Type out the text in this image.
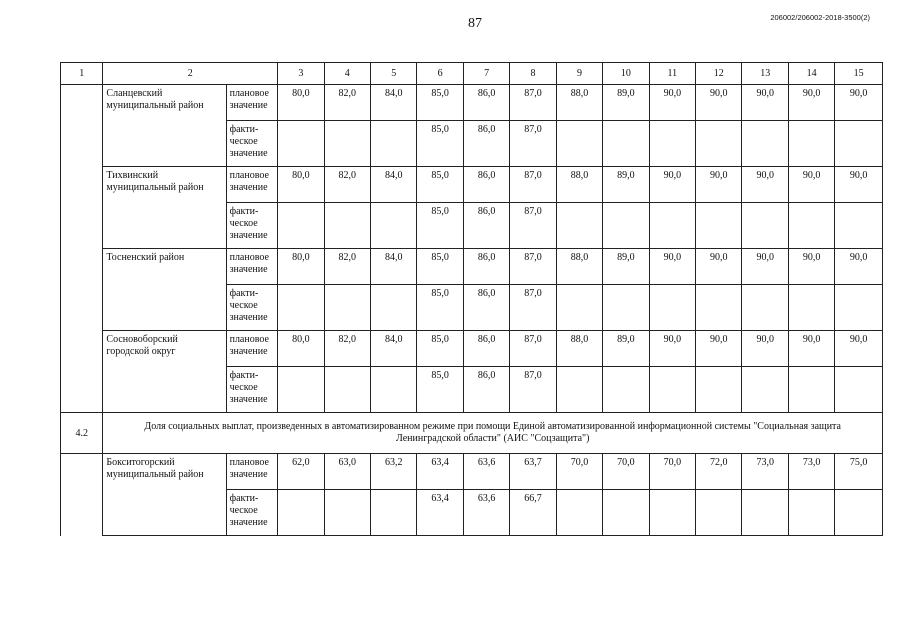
87	206002/206002-2018-3500(2)
1	2		3	4	5	6	7	8	9	10	11	12	13	14	15
	Сланцевский муниципальный район	плановое значение	80,0	82,0	84,0	85,0	86,0	87,0	88,0	89,0	90,0	90,0	90,0	90,0	90,0
		факти-ческое значение				85,0	86,0	87,0							
	Тихвинский муниципальный район	плановое значение	80,0	82,0	84,0	85,0	86,0	87,0	88,0	89,0	90,0	90,0	90,0	90,0	90,0
		факти-ческое значение				85,0	86,0	87,0							
	Тосненский район	плановое значение	80,0	82,0	84,0	85,0	86,0	87,0	88,0	89,0	90,0	90,0	90,0	90,0	90,0
		факти-ческое значение				85,0	86,0	87,0							
	Сосновоборский городской округ	плановое значение	80,0	82,0	84,0	85,0	86,0	87,0	88,0	89,0	90,0	90,0	90,0	90,0	90,0
		факти-ческое значение				85,0	86,0	87,0							
4.2	Доля социальных выплат, произведенных в автоматизированном режиме при помощи Единой автоматизированной информационной системы "Социальная защита Ленинградской области" (АИС "Соцзащита")														
	Бокситогорский муниципальный район	плановое значение	62,0	63,0	63,2	63,4	63,6	63,7	70,0	70,0	70,0	72,0	73,0	73,0	75,0
		факти-ческое значение				63,4	63,6	66,7							
